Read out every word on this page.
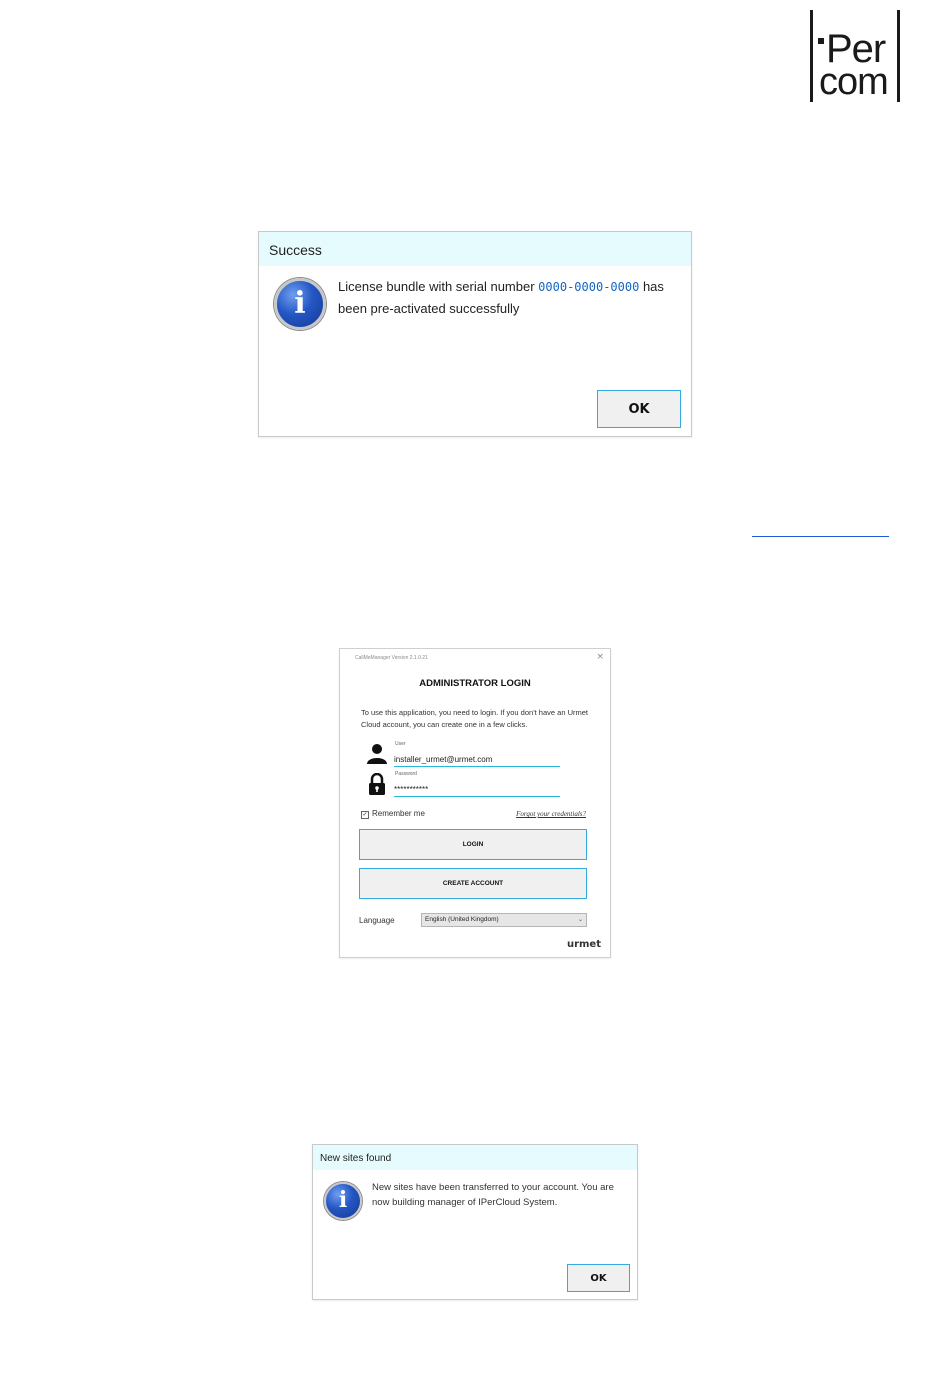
Per
com
Success
i	License bundle with serial number 0000-0000-0000 has been pre-activated successfully
OK
CallMeManager Version 2.1.0.21	×
ADMINISTRATOR LOGIN
To use this application, you need to login. If you don't have an Urmet Cloud account, you can create one in a few clicks.
User
installer_urmet@urmet.com
Password
***********
✓ Remember me	Forgot your credentials?
LOGIN
CREATE ACCOUNT
Language	English (United Kingdom)	⌄
urmet
New sites found
i	New sites have been transferred to your account. You are now building manager of IPerCloud System.
OK
